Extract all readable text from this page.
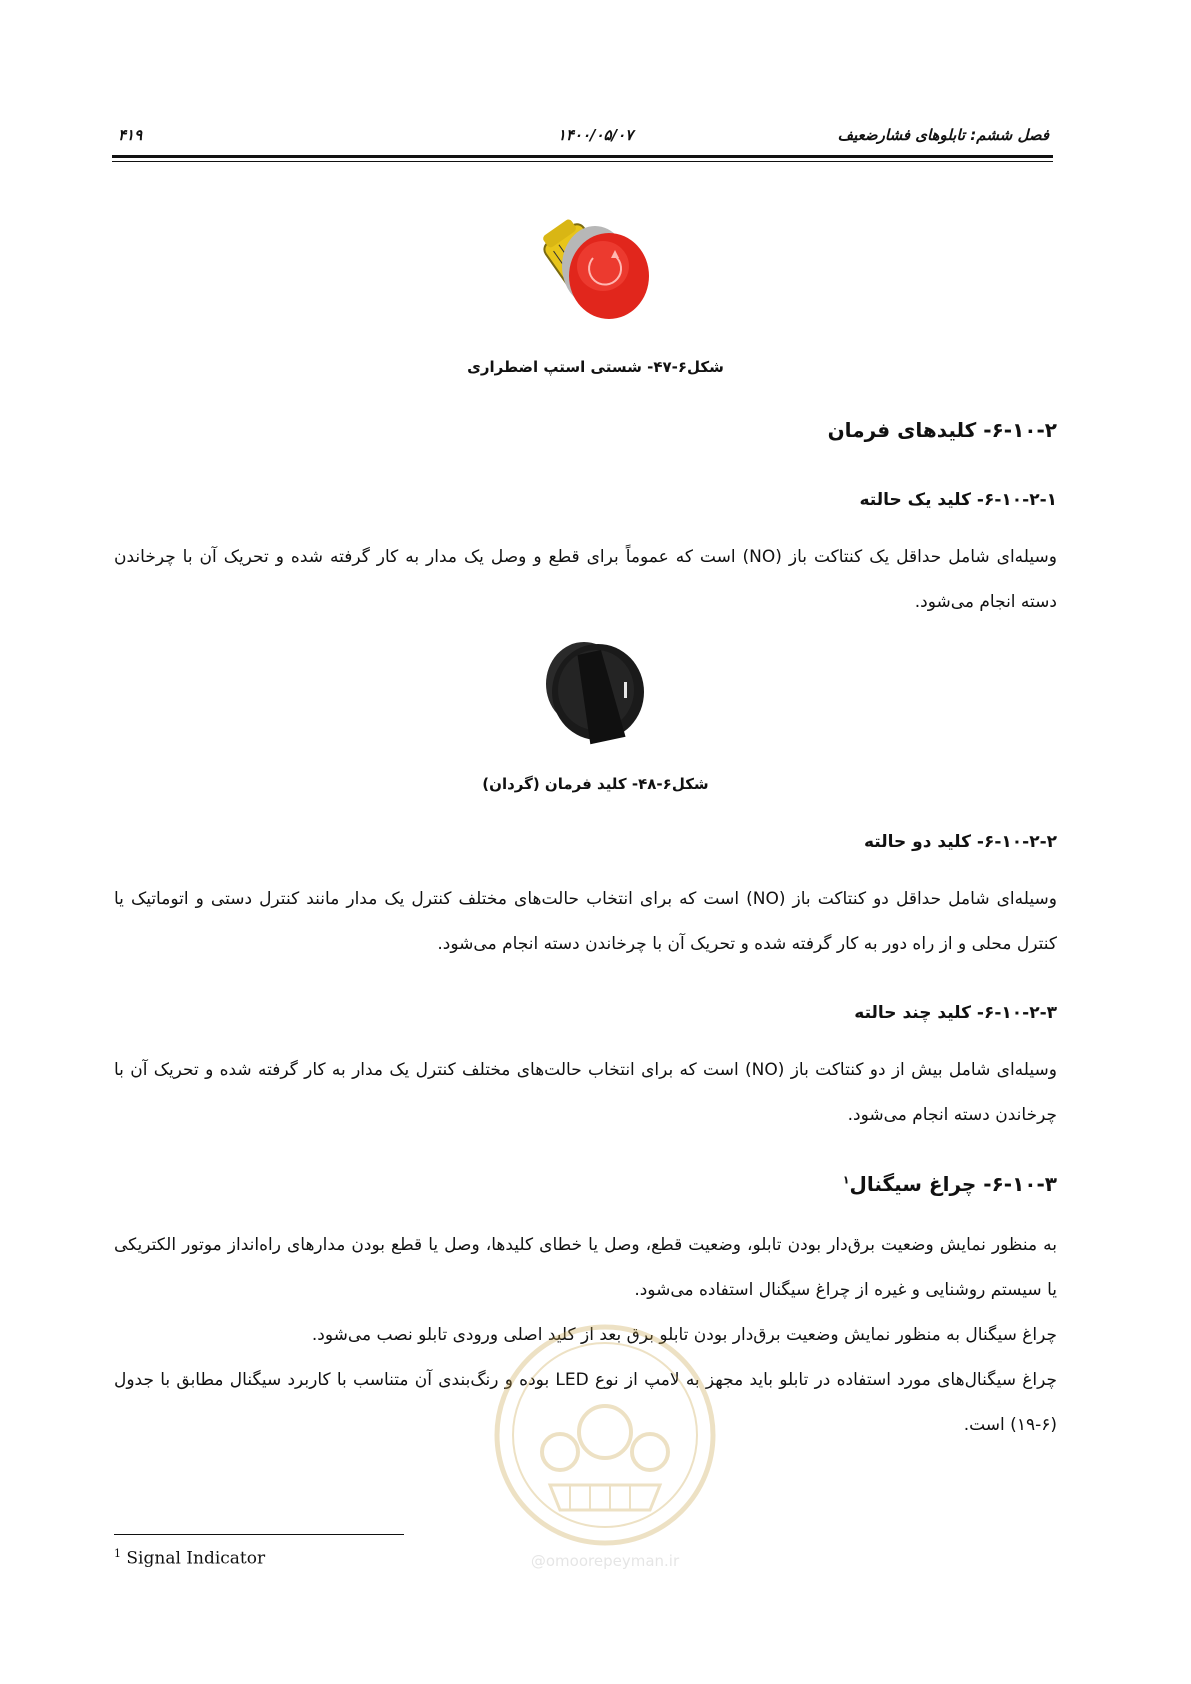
فصل ششم: تابلوهای فشارضعیف
۱۴۰۰/۰۵/۰۷
۴۱۹
شکل۶-۴۷- شستی استپ اضطراری
۶-۱۰-۲- کلیدهای فرمان
۶-۱۰-۲-۱- کلید یک حالته

وسیله‌ای شامل حداقل یک کنتاکت باز (NO) است که عموماً برای قطع و وصل یک مدار به کار گرفته شده و تحریک آن با چرخاندن دسته انجام می‌شود.

شکل۶-۴۸- کلید فرمان (گردان)
۶-۱۰-۲-۲- کلید دو حالته

وسیله‌ای شامل حداقل دو کنتاکت باز (NO) است که برای انتخاب حالت‌های مختلف کنترل یک مدار مانند کنترل دستی و اتوماتیک یا کنترل محلی و از راه دور به کار گرفته شده و تحریک آن با چرخاندن دسته انجام می‌شود.

۶-۱۰-۲-۳- کلید چند حالته

وسیله‌ای شامل بیش از دو کنتاکت باز (NO) است که برای انتخاب حالت‌های مختلف کنترل یک مدار به کار گرفته شده و تحریک آن با چرخاندن دسته انجام می‌شود.

۶-۱۰-۳- چراغ سیگنال$^۱$

به منظور نمایش وضعیت برق‌دار بودن تابلو، وضعیت قطع، وصل یا خطای کلیدها، وصل یا قطع بودن مدارهای راه‌انداز موتور الکتریکی یا سیستم روشنایی و غیره از چراغ سیگنال استفاده می‌شود.

چراغ سیگنال به منظور نمایش وضعیت برق‌دار بودن تابلو برق بعد از کلید اصلی ورودی تابلو نصب می‌شود.

چراغ سیگنال‌های مورد استفاده در تابلو باید مجهز به لامپ از نوع LED بوده و رنگ‌بندی آن متناسب با کاربرد سیگنال مطابق با جدول (۶-۱۹) است.

@omoorepeyman.ir
$^1$ Signal Indicator
